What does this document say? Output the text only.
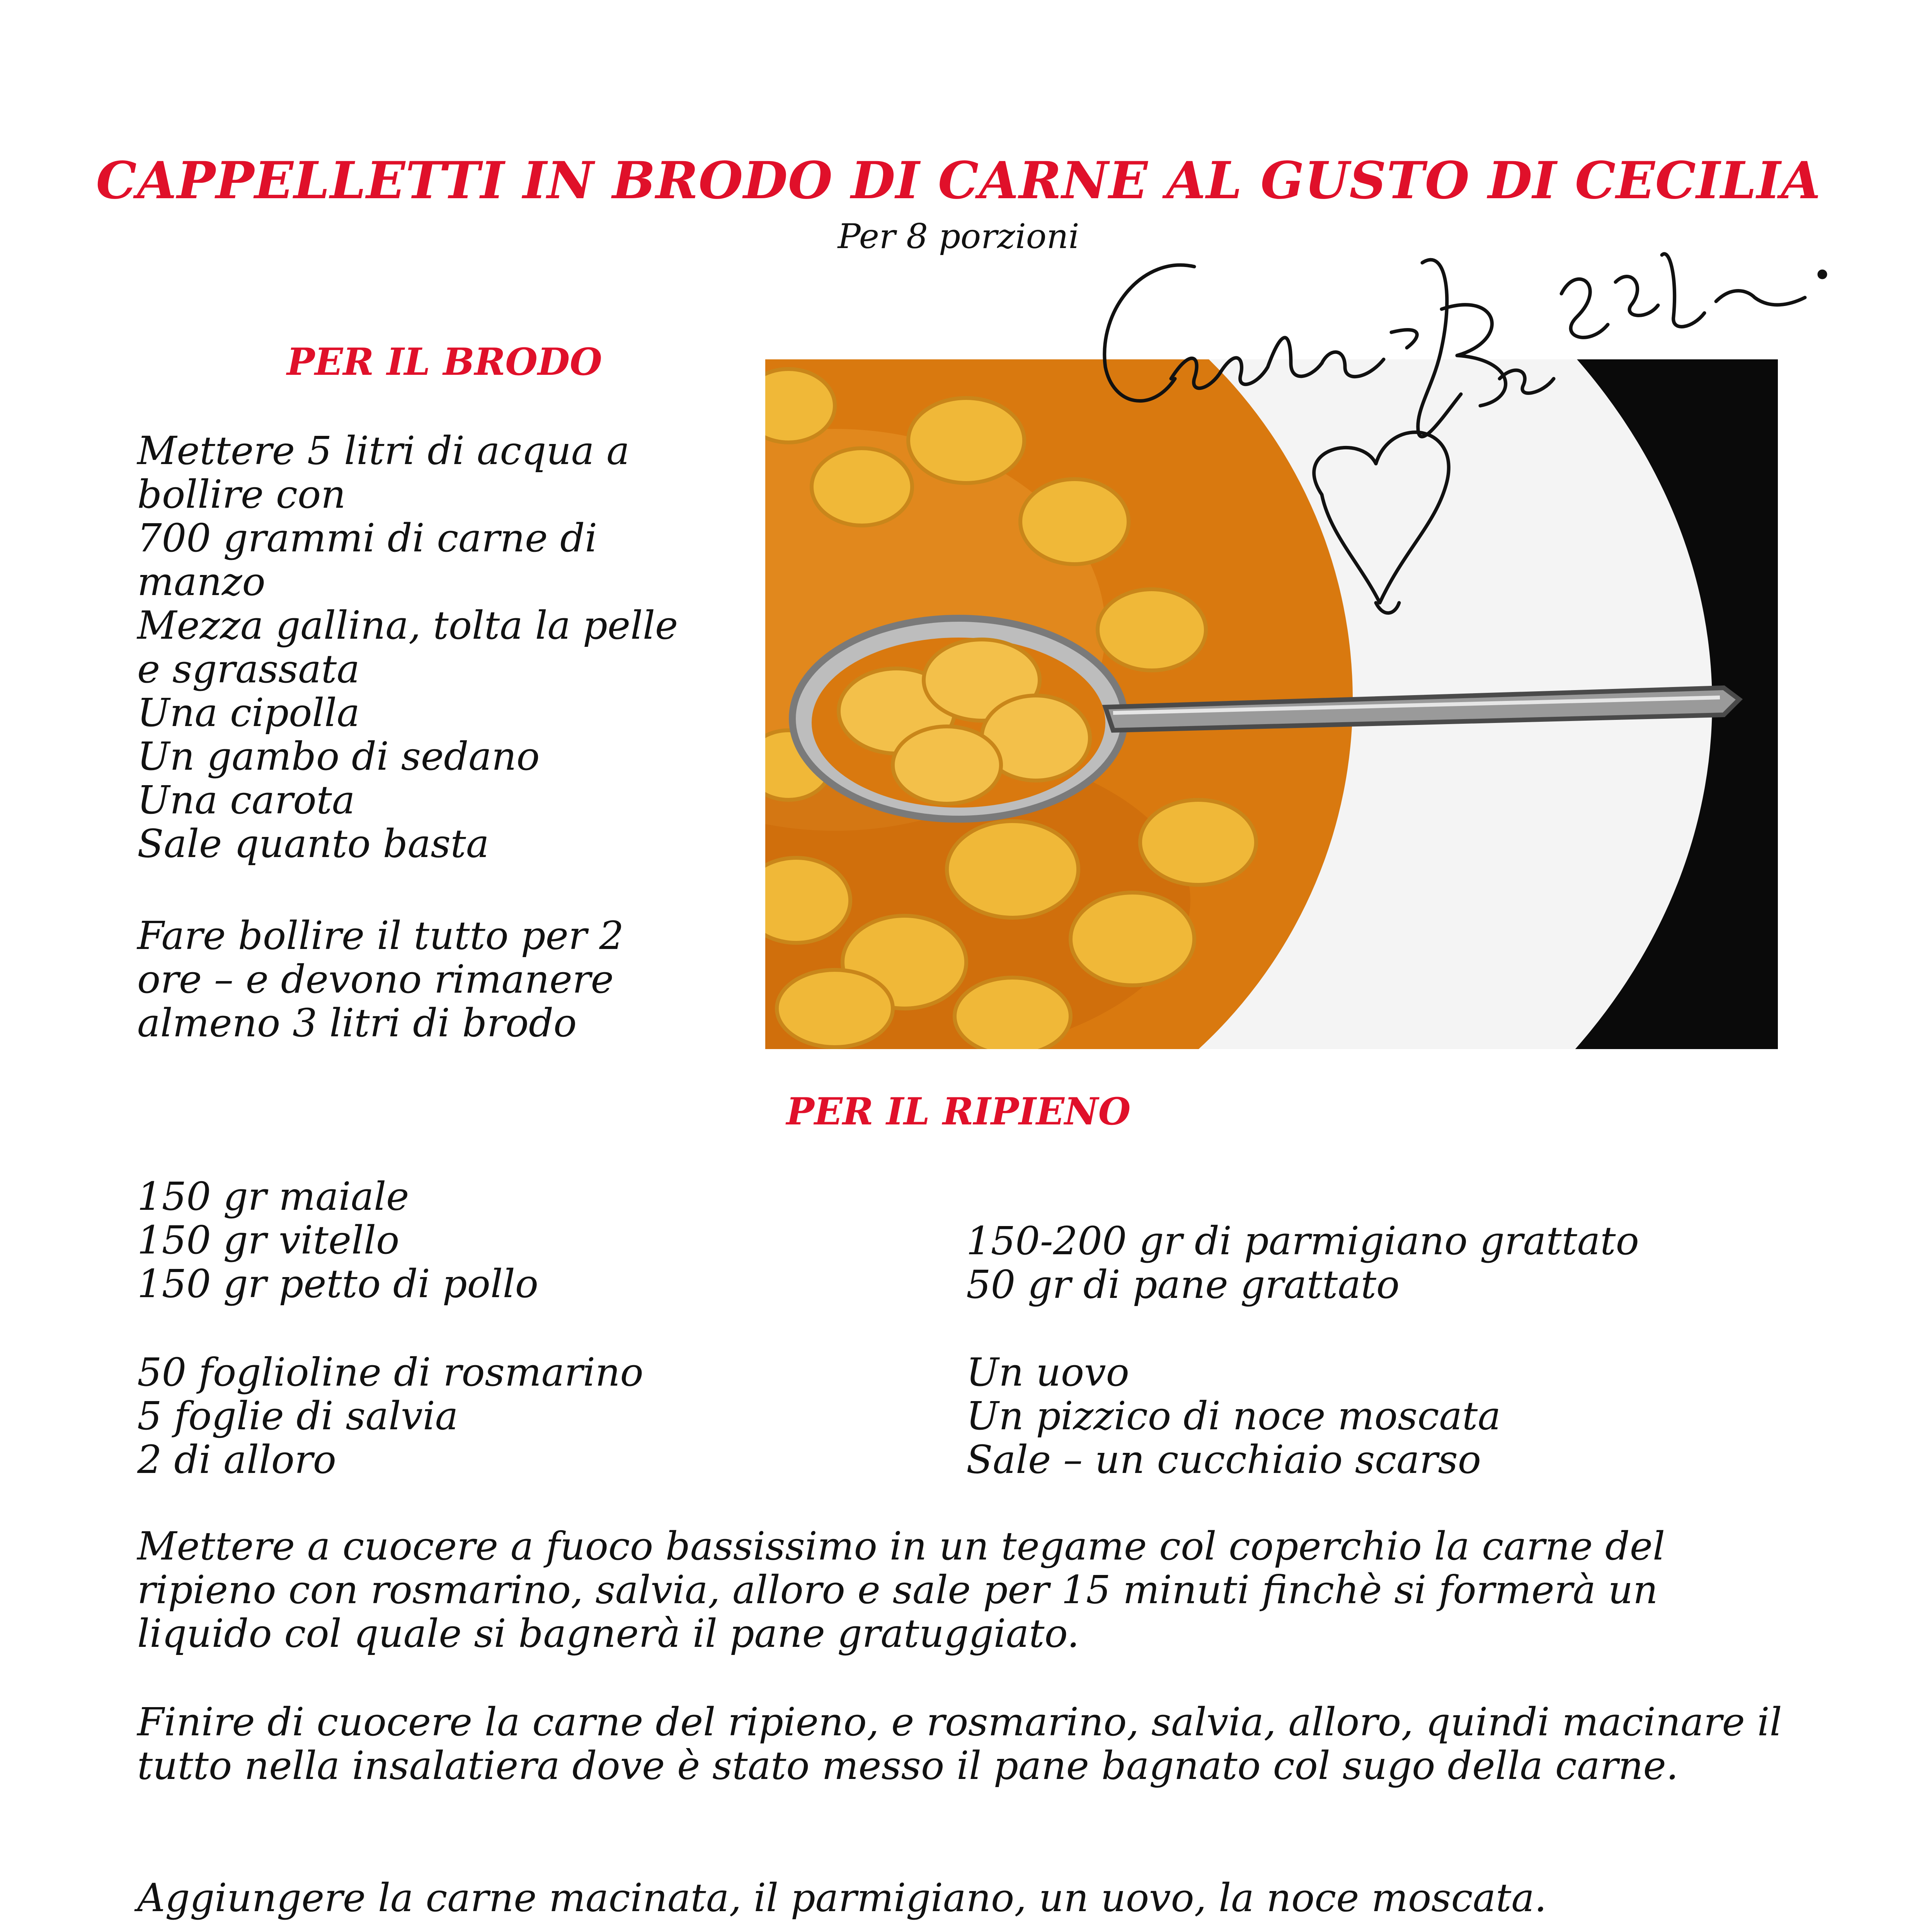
CAPPELLETTI IN BRODO DI CARNE AL GUSTO DI CECILIA
Per 8 porzioni
PER IL BRODO
Mettere 5 litri di acqua a
bollire con
700 grammi di carne di
manzo
Mezza gallina, tolta la pelle
e sgrassata
Una cipolla
Un gambo di sedano
Una carota
Sale quanto basta
Fare bollire il tutto per 2
ore – e devono rimanere
almeno 3 litri di brodo
PER IL RIPIENO
150 gr maiale
150 gr vitello
150 gr petto di pollo
50 foglioline di rosmarino
5 foglie di salvia
2 di alloro
150-200 gr di parmigiano grattato
50 gr di pane grattato
Un uovo
Un pizzico di noce moscata
Sale – un cucchiaio scarso

Mettere a cuocere a fuoco bassissimo in un tegame col coperchio la carne del ripieno con rosmarino, salvia, alloro e sale per 15 minuti finchè si formerà un liquido col quale si bagnerà il pane gratuggiato.

Finire di cuocere la carne del ripieno, e rosmarino, salvia, alloro, quindi macinare il tutto nella insalatiera dove è stato messo il pane bagnato col sugo della carne.

Aggiungere la carne macinata, il parmigiano, un uovo, la noce moscata.
